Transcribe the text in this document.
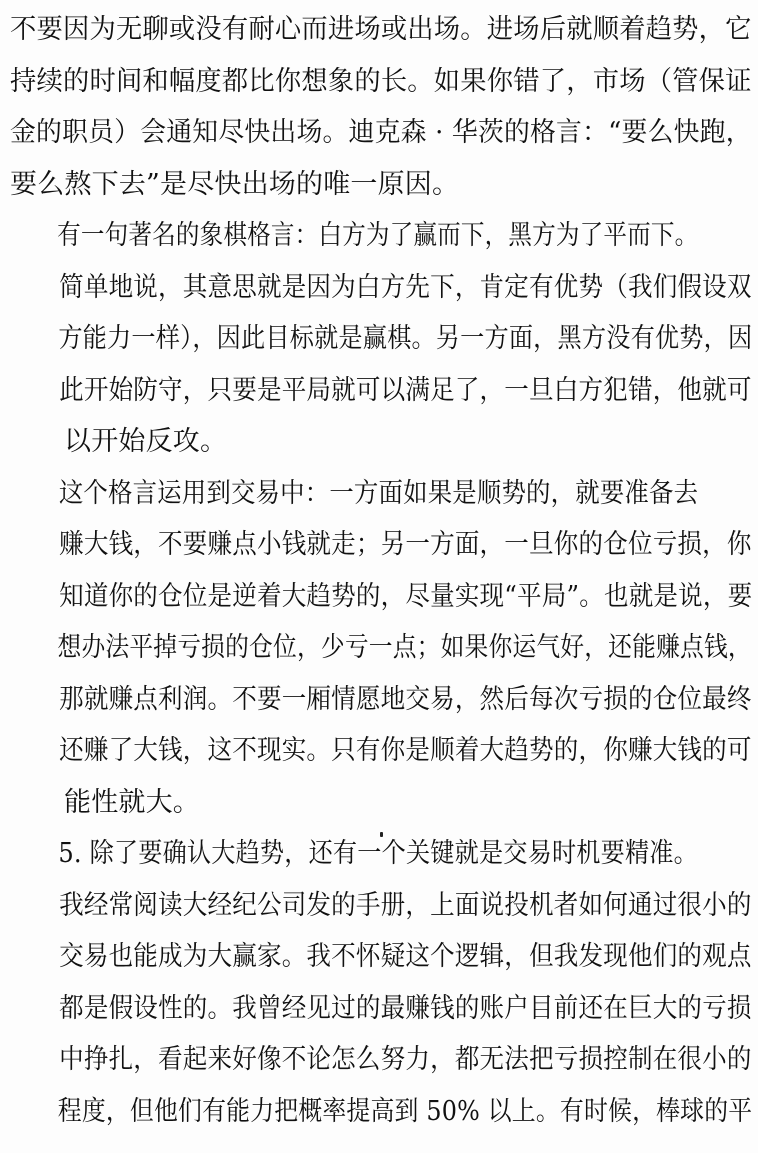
不要因为无聊或没有耐心而进场或出场。进场后就顺着趋势，它
持续的时间和幅度都比你想象的长。如果你错了，市场（管保证
金的职员）会通知尽快出场。迪克森 · 华茨的格言：“要么快跑，
要么熬下去”是尽快出场的唯一原因。
有一句著名的象棋格言：白方为了赢而下，黑方为了平而下。
简单地说，其意思就是因为白方先下，肯定有优势（我们假设双
方能力一样），因此目标就是赢棋。另一方面，黑方没有优势，因
此开始防守，只要是平局就可以满足了，一旦白方犯错，他就可
以开始反攻。
这个格言运用到交易中：一方面如果是顺势的，就要准备去
赚大钱，不要赚点小钱就走；另一方面，一旦你的仓位亏损，你
知道你的仓位是逆着大趋势的，尽量实现“平局”。也就是说，要
想办法平掉亏损的仓位，少亏一点；如果你运气好，还能赚点钱，
那就赚点利润。不要一厢情愿地交易，然后每次亏损的仓位最终
还赚了大钱，这不现实。只有你是顺着大趋势的，你赚大钱的可
能性就大。
5. 除了要确认大趋势，还有一个关键就是交易时机要精准。
我经常阅读大经纪公司发的手册，上面说投机者如何通过很小的
交易也能成为大赢家。我不怀疑这个逻辑，但我发现他们的观点
都是假设性的。我曾经见过的最赚钱的账户目前还在巨大的亏损
中挣扎，看起来好像不论怎么努力，都无法把亏损控制在很小的
程度，但他们有能力把概率提高到 50% 以上。有时候，棒球的平
